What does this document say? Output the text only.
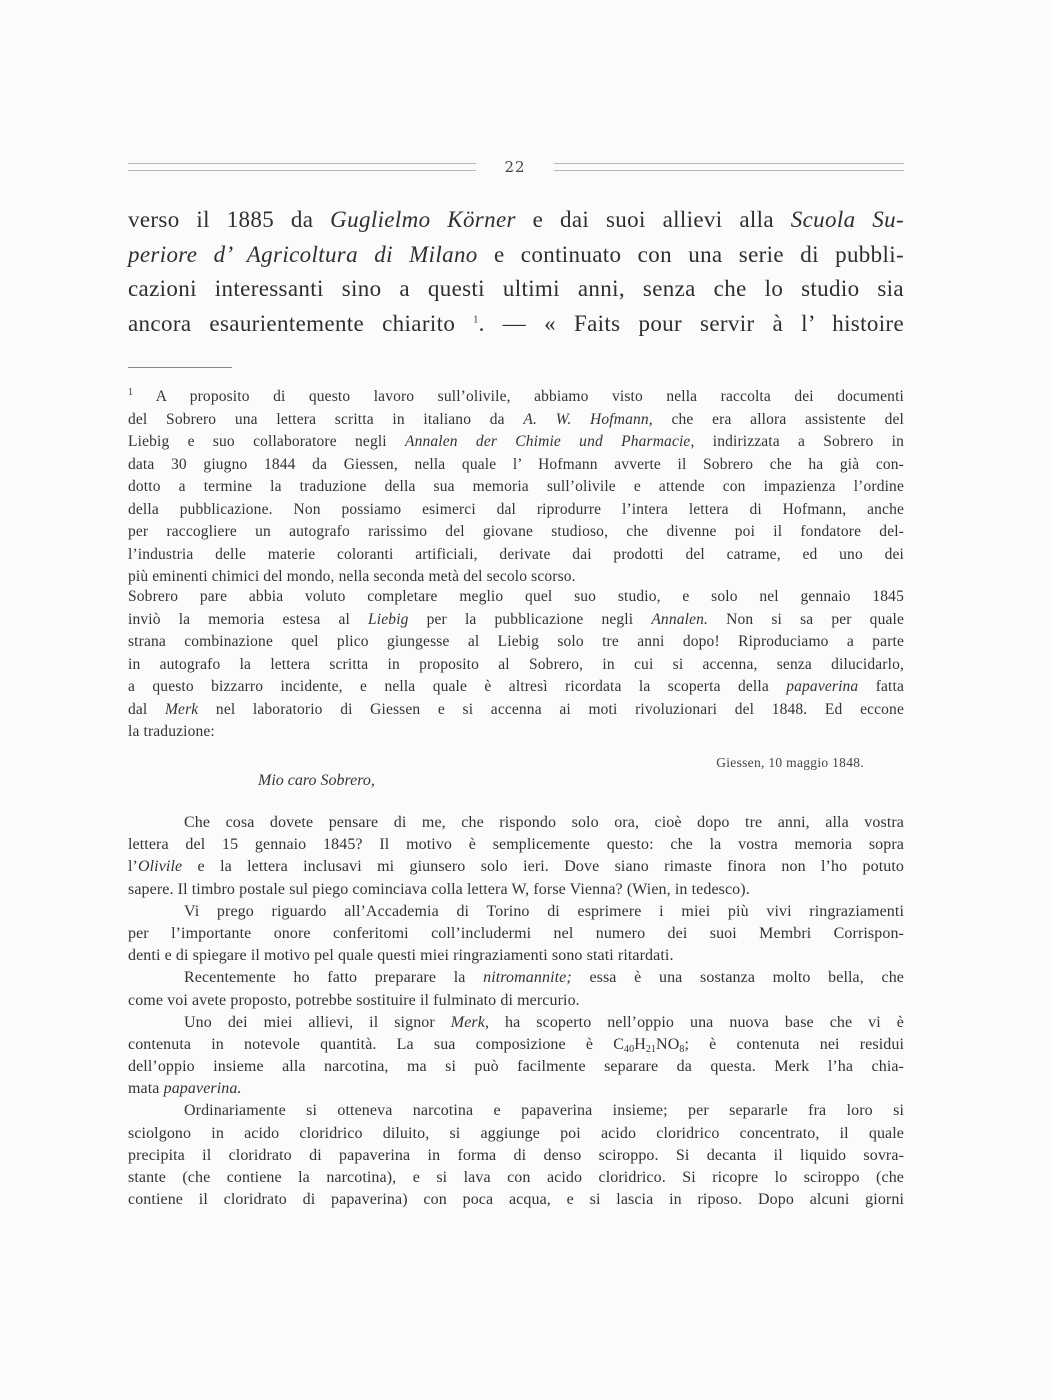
22
verso il 1885 da Guglielmo Körner e dai suoi allievi alla Scuola Su-
periore d’ Agricoltura di Milano e continuato con una serie di pubbli-
cazioni interessanti sino a questi ultimi anni, senza che lo studio sia
ancora esaurientemente chiarito $^1$. — « Faits pour servir à l’ histoire
$^1$ A proposito di questo lavoro sull’olivile, abbiamo visto nella raccolta dei documenti
del Sobrero una lettera scritta in italiano da A. W. Hofmann, che era allora assistente del
Liebig e suo collaboratore negli Annalen der Chimie und Pharmacie, indirizzata a Sobrero in
data 30 giugno 1844 da Giessen, nella quale l’ Hofmann avverte il Sobrero che ha già con-
dotto a termine la traduzione della sua memoria sull’olivile e attende con impazienza l’ordine
della pubblicazione. Non possiamo esimerci dal riprodurre l’intera lettera di Hofmann, anche
per raccogliere un autografo rarissimo del giovane studioso, che divenne poi il fondatore del-
l’industria delle materie coloranti artificiali, derivate dai prodotti del catrame, ed uno dei
più eminenti chimici del mondo, nella seconda metà del secolo scorso.
Sobrero pare abbia voluto completare meglio quel suo studio, e solo nel gennaio 1845
inviò la memoria estesa al Liebig per la pubblicazione negli Annalen. Non si sa per quale
strana combinazione quel plico giungesse al Liebig solo tre anni dopo! Riproduciamo a parte
in autografo la lettera scritta in proposito al Sobrero, in cui si accenna, senza dilucidarlo,
a questo bizzarro incidente, e nella quale è altresì ricordata la scoperta della papaverina fatta
dal Merk nel laboratorio di Giessen e si accenna ai moti rivoluzionari del 1848. Ed eccone
la traduzione:
Giessen, 10 maggio 1848.
Mio caro Sobrero,
Che cosa dovete pensare di me, che rispondo solo ora, cioè dopo tre anni, alla vostra
lettera del 15 gennaio 1845? Il motivo è semplicemente questo: che la vostra memoria sopra
l’Olivile e la lettera inclusavi mi giunsero solo ieri. Dove siano rimaste finora non l’ho potuto
sapere. Il timbro postale sul piego cominciava colla lettera W, forse Vienna? (Wien, in tedesco).
Vi prego riguardo all’Accademia di Torino di esprimere i miei più vivi ringraziamenti
per l’importante onore conferitomi coll’includermi nel numero dei suoi Membri Corrispon-
denti e di spiegare il motivo pel quale questi miei ringraziamenti sono stati ritardati.
Recentemente ho fatto preparare la nitromannite; essa è una sostanza molto bella, che
come voi avete proposto, potrebbe sostituire il fulminato di mercurio.
Uno dei miei allievi, il signor Merk, ha scoperto nell’oppio una nuova base che vi è
contenuta in notevole quantità. La sua composizione è $C_{40}H_{21}NO_8$; è contenuta nei residui
dell’oppio insieme alla narcotina, ma si può facilmente separare da questa. Merk l’ha chia-
mata papaverina.
Ordinariamente si otteneva narcotina e papaverina insieme; per separarle fra loro si
sciolgono in acido cloridrico diluito, si aggiunge poi acido cloridrico concentrato, il quale
precipita il cloridrato di papaverina in forma di denso sciroppo. Si decanta il liquido sovra-
stante (che contiene la narcotina), e si lava con acido cloridrico. Si ricopre lo sciroppo (che
contiene il cloridrato di papaverina) con poca acqua, e si lascia in riposo. Dopo alcuni giorni
